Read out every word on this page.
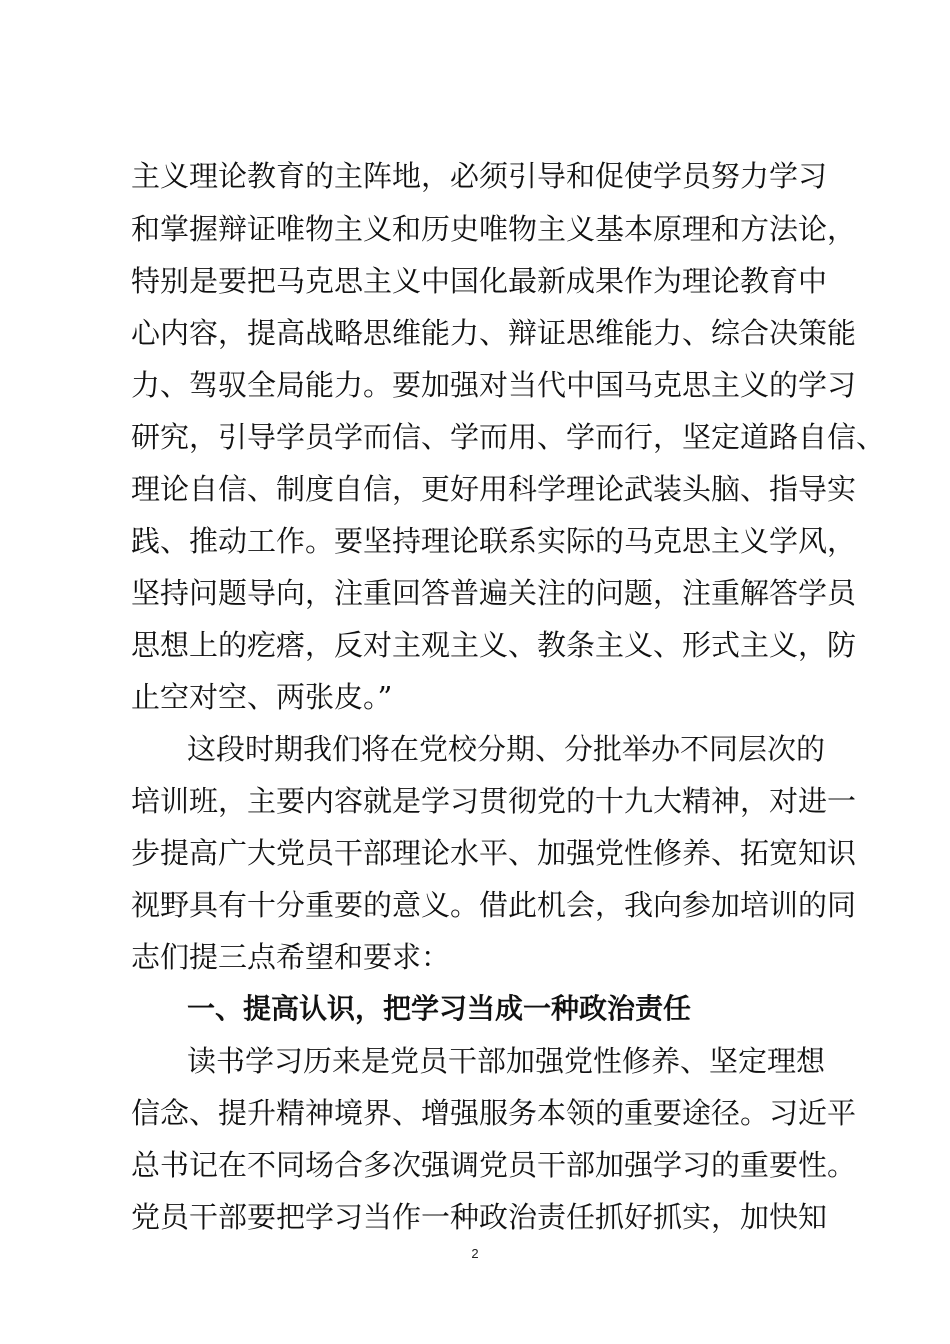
主义理论教育的主阵地，必须引导和促使学员努力学习
和掌握辩证唯物主义和历史唯物主义基本原理和方法论，
特别是要把马克思主义中国化最新成果作为理论教育中
心内容，提高战略思维能力、辩证思维能力、综合决策能
力、驾驭全局能力。要加强对当代中国马克思主义的学习
研究，引导学员学而信、学而用、学而行，坚定道路自信、
理论自信、制度自信，更好用科学理论武装头脑、指导实
践、推动工作。要坚持理论联系实际的马克思主义学风，
坚持问题导向，注重回答普遍关注的问题，注重解答学员
思想上的疙瘩，反对主观主义、教条主义、形式主义，防
止空对空、两张皮。”
这段时期我们将在党校分期、分批举办不同层次的
培训班，主要内容就是学习贯彻党的十九大精神，对进一
步提高广大党员干部理论水平、加强党性修养、拓宽知识
视野具有十分重要的意义。借此机会，我向参加培训的同
志们提三点希望和要求：
一、提高认识，把学习当成一种政治责任
读书学习历来是党员干部加强党性修养、坚定理想
信念、提升精神境界、增强服务本领的重要途径。习近平
总书记在不同场合多次强调党员干部加强学习的重要性。
党员干部要把学习当作一种政治责任抓好抓实，加快知
2
